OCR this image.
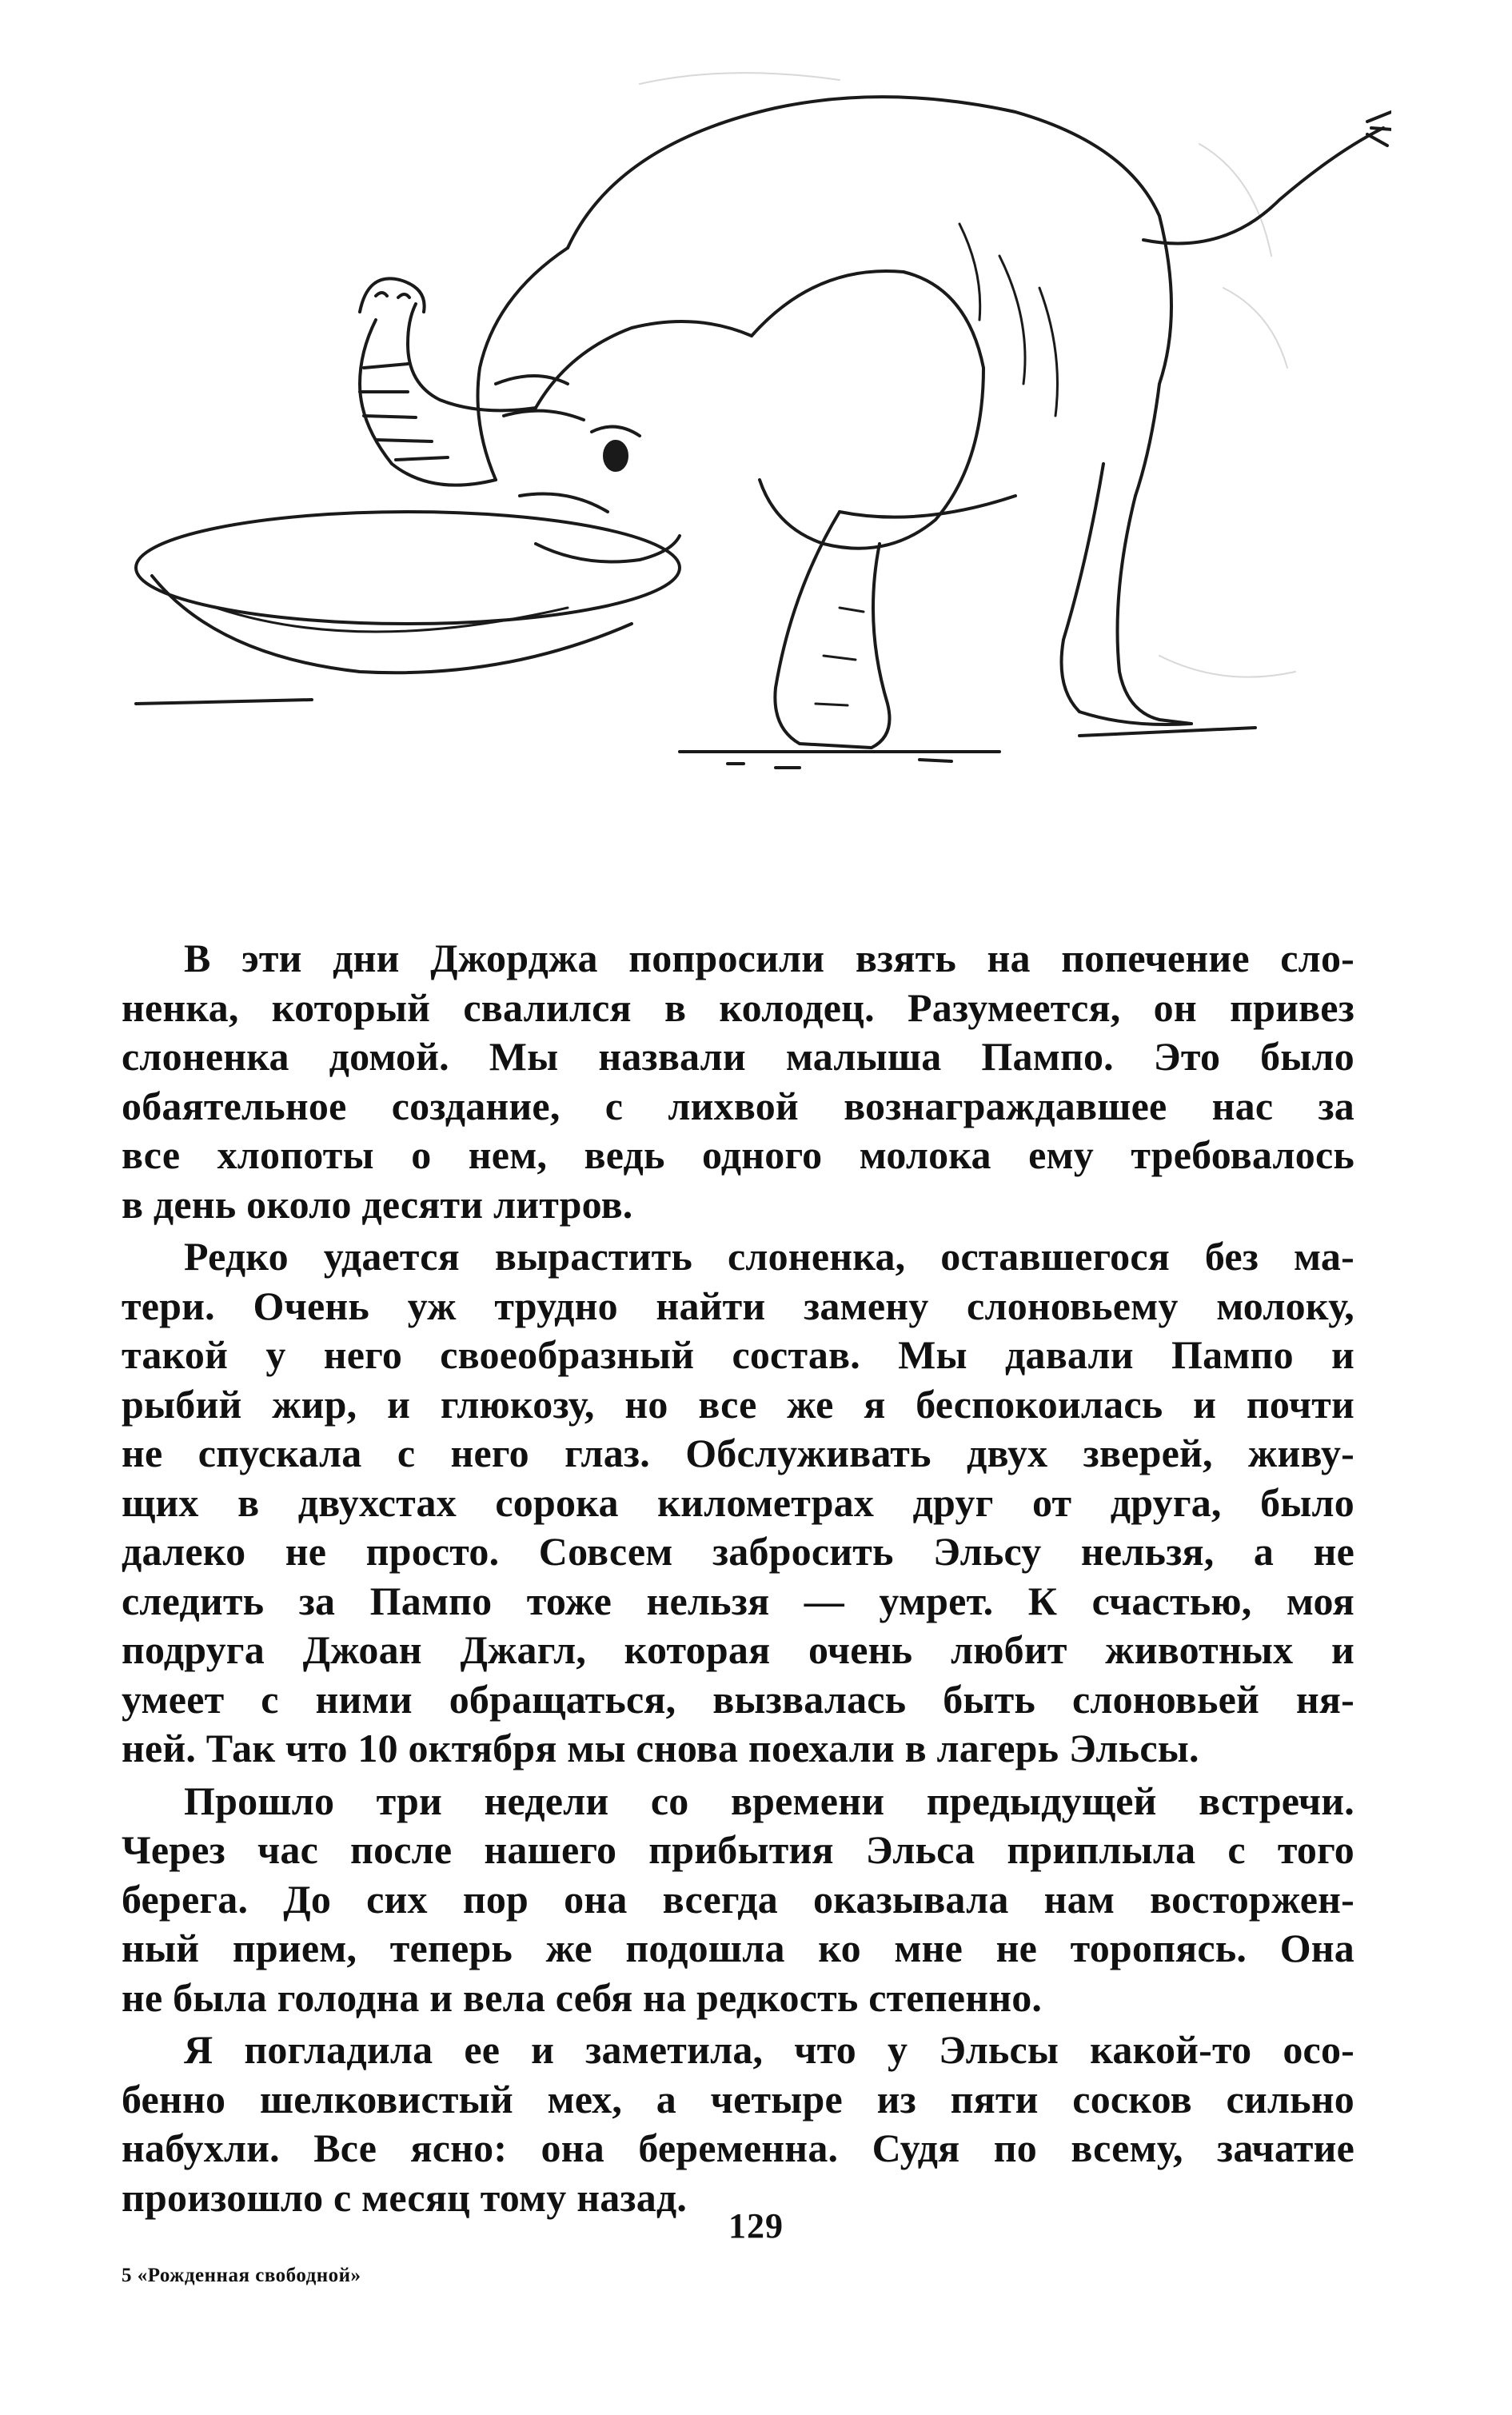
В эти дни Джорджа попросили взять на попечение сло-
ненка, который свалился в колодец. Разумеется, он привез
слоненка домой. Мы назвали малыша Пампо. Это было
обаятельное создание, с лихвой вознаграждавшее нас за
все хлопоты о нем, ведь одного молока ему требовалось
в день около десяти литров.
Редко удается вырастить слоненка, оставшегося без ма-
тери. Очень уж трудно найти замену слоновьему молоку,
такой у него своеобразный состав. Мы давали Пампо и
рыбий жир, и глюкозу, но все же я беспокоилась и почти
не спускала с него глаз. Обслуживать двух зверей, живу-
щих в двухстах сорока километрах друг от друга, было
далеко не просто. Совсем забросить Эльсу нельзя, а не
следить за Пампо тоже нельзя — умрет. К счастью, моя
подруга Джоан Джагл, которая очень любит животных и
умеет с ними обращаться, вызвалась быть слоновьей ня-
ней. Так что 10 октября мы снова поехали в лагерь Эльсы.
Прошло три недели со времени предыдущей встречи.
Через час после нашего прибытия Эльса приплыла с того
берега. До сих пор она всегда оказывала нам восторжен-
ный прием, теперь же подошла ко мне не торопясь. Она
не была голодна и вела себя на редкость степенно.
Я погладила ее и заметила, что у Эльсы какой-то осо-
бенно шелковистый мех, а четыре из пяти сосков сильно
набухли. Все ясно: она беременна. Судя по всему, зачатие
произошло с месяц тому назад.
129
5 «Рожденная свободной»
